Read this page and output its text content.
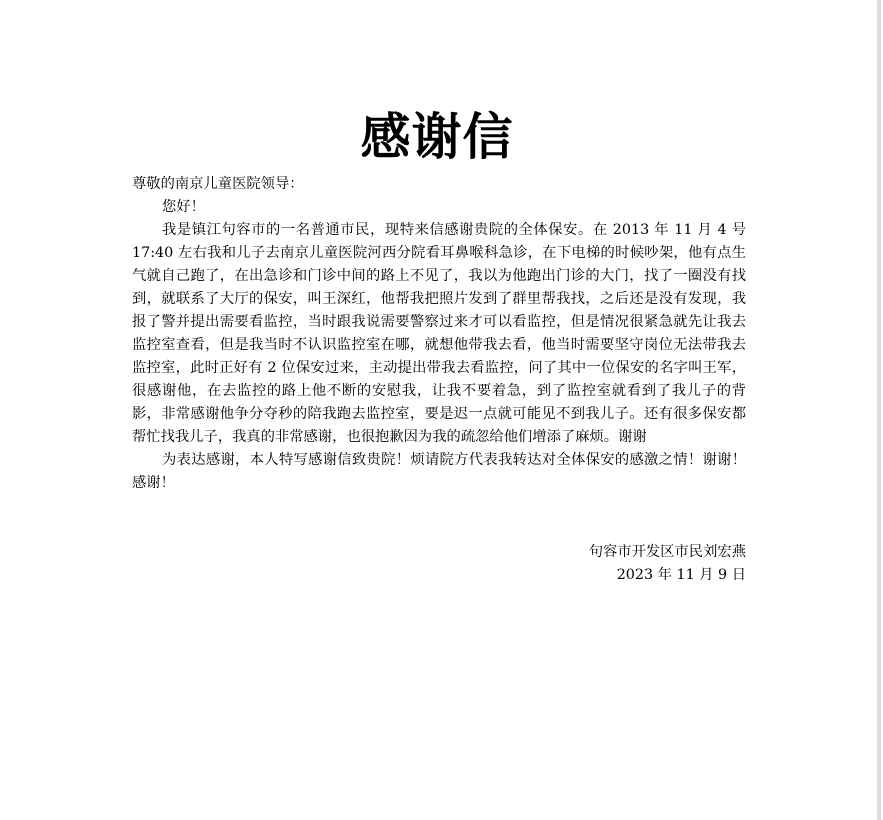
感谢信

尊敬的南京儿童医院领导：

您好！

我是镇江句容市的一名普通市民，现特来信感谢贵院的全体保安。在 2013 年 11 月 4 号 17:40 左右我和儿子去南京儿童医院河西分院看耳鼻喉科急诊，在下电梯的时候吵架，他有点生气就自己跑了，在出急诊和门诊中间的路上不见了，我以为他跑出门诊的大门，找了一圈没有找到，就联系了大厅的保安，叫王深红，他帮我把照片发到了群里帮我找，之后还是没有发现，我报了警并提出需要看监控，当时跟我说需要警察过来才可以看监控，但是情况很紧急就先让我去监控室查看，但是我当时不认识监控室在哪，就想他带我去看，他当时需要坚守岗位无法带我去监控室，此时正好有 2 位保安过来，主动提出带我去看监控，问了其中一位保安的名字叫王军，很感谢他，在去监控的路上他不断的安慰我，让我不要着急，到了监控室就看到了我儿子的背影，非常感谢他争分夺秒的陪我跑去监控室，要是迟一点就可能见不到我儿子。还有很多保安都帮忙找我儿子，我真的非常感谢，也很抱歉因为我的疏忽给他们增添了麻烦。谢谢

为表达感谢，本人特写感谢信致贵院！烦请院方代表我转达对全体保安的感激之情！谢谢！感谢！

句容市开发区市民刘宏燕
2023 年 11 月 9 日
